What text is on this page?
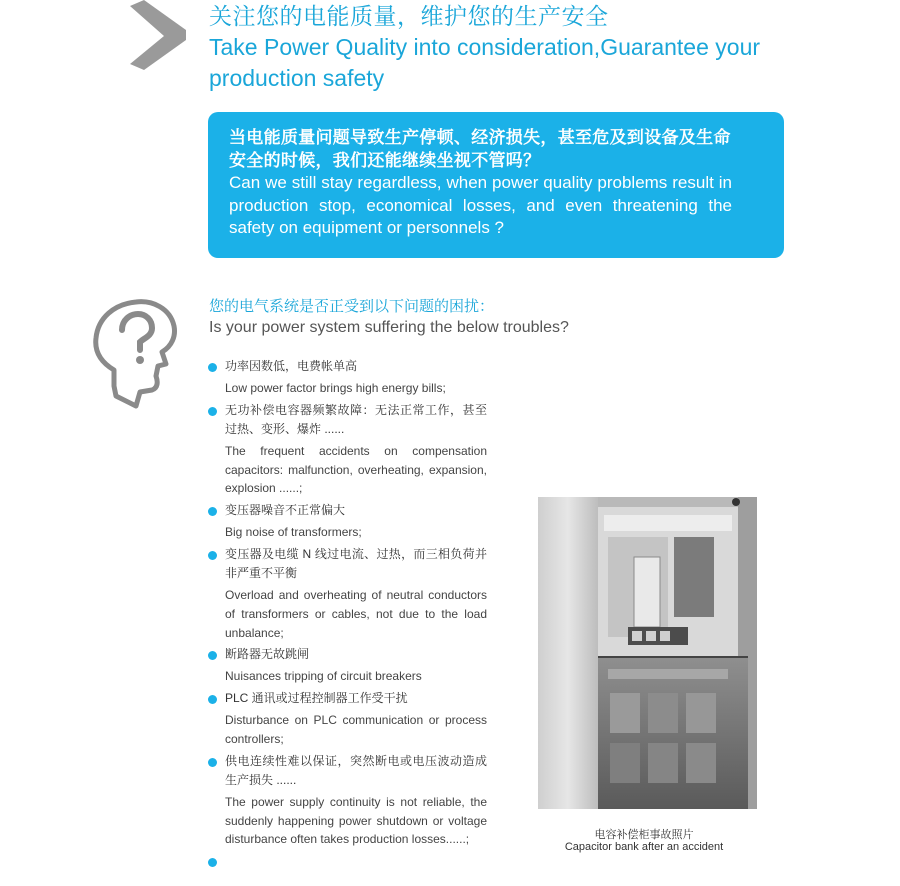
关注您的电能质量，维护您的生产安全
Take Power Quality into consideration,Guarantee your production safety
当电能质量问题导致生产停顿、经济损失，甚至危及到设备及生命安全的时候，我们还能继续坐视不管吗？
Can we still stay regardless, when power quality problems result in production stop, economical losses, and even threatening the safety on equipment or personnels ?
您的电气系统是否正受到以下问题的困扰：
Is your power system suffering the below troubles?
功率因数低，电费帐单高
Low power factor brings high energy bills;
无功补偿电容器频繁故障：无法正常工作，甚至过热、变形、爆炸 ......
The frequent accidents on compensation capacitors: malfunction, overheating, expansion, explosion ......;
变压器噪音不正常偏大
Big noise of transformers;
变压器及电缆 N 线过电流、过热，而三相负荷并非严重不平衡
Overload and overheating of neutral conductors of transformers or cables, not due to the load unbalance;
断路器无故跳闸
Nuisances tripping of circuit breakers
PLC 通讯或过程控制器工作受干扰
Disturbance on PLC communication or process controllers;
供电连续性难以保证，突然断电或电压波动造成生产损失 ......
The power supply continuity is not reliable, the suddenly happening power shutdown or voltage disturbance often takes production losses......;	电容补偿柜事故照片
Capacitor bank after an accident
